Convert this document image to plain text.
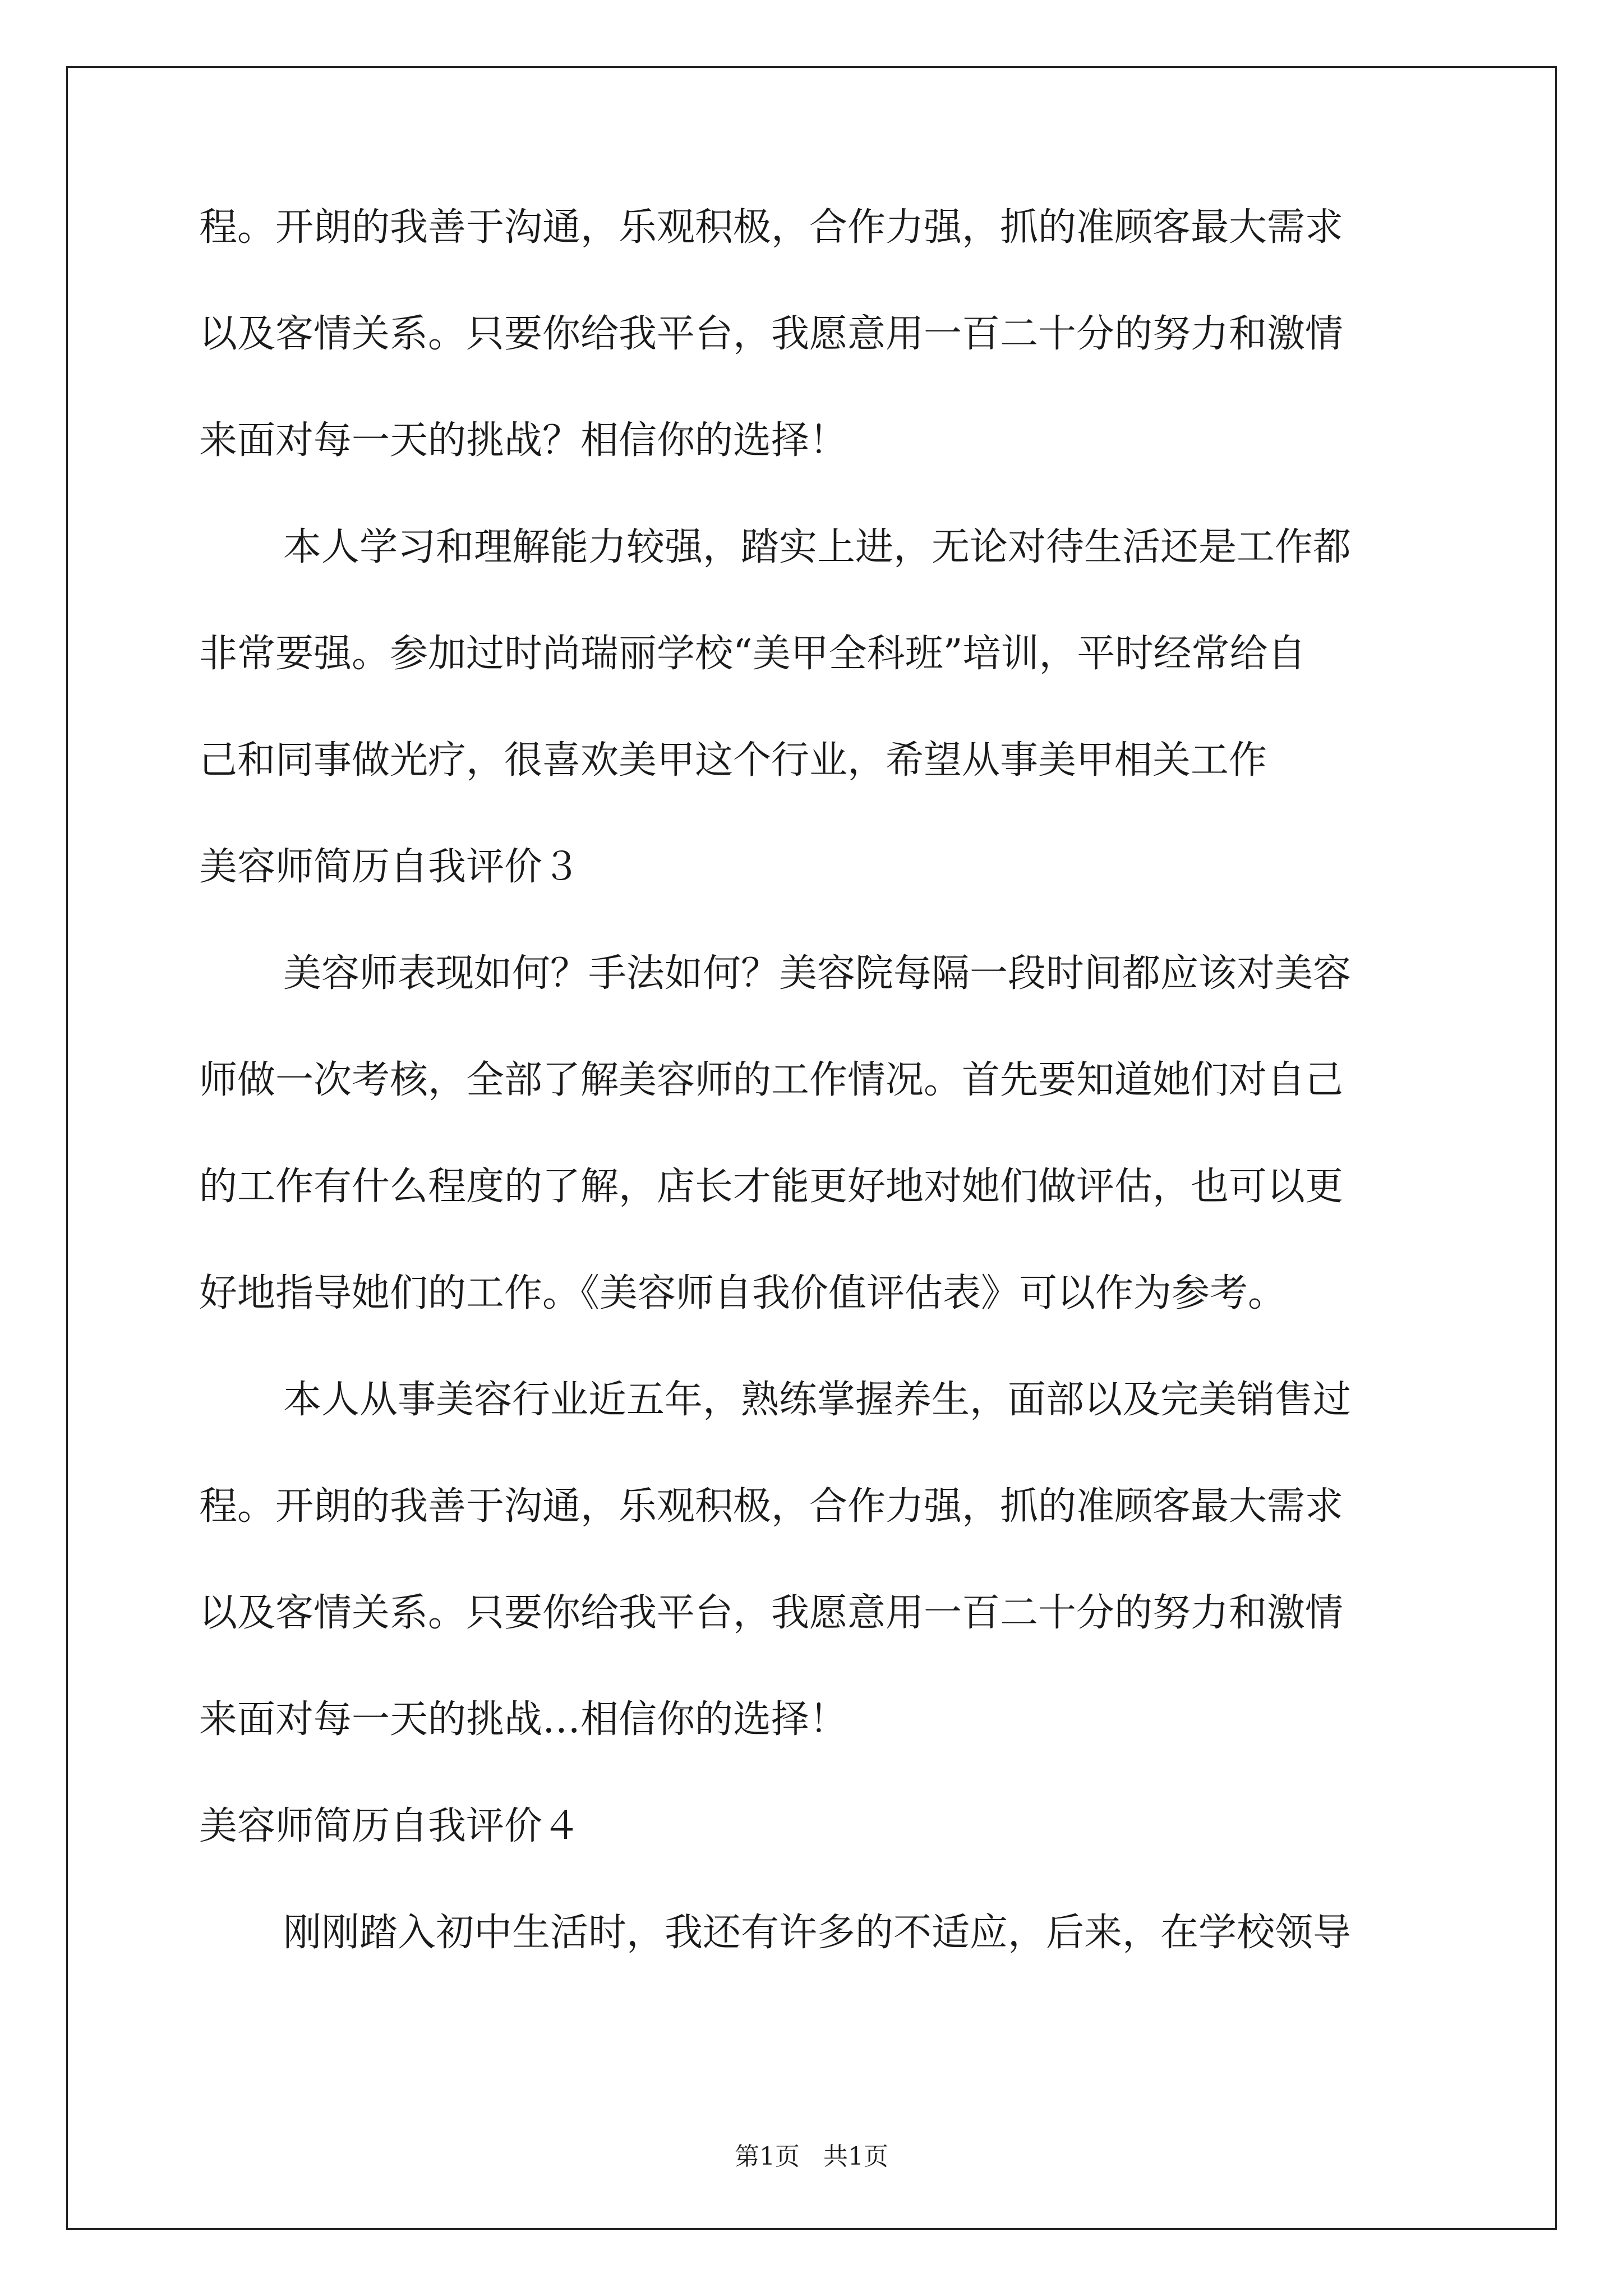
程。开朗的我善于沟通，乐观积极，合作力强，抓的准顾客最大需求
以及客情关系。只要你给我平台，我愿意用一百二十分的努力和激情
来面对每一天的挑战？相信你的选择！
本人学习和理解能力较强，踏实上进，无论对待生活还是工作都
非常要强。参加过时尚瑞丽学校“美甲全科班”培训，平时经常给自
己和同事做光疗，很喜欢美甲这个行业，希望从事美甲相关工作
美容师简历自我评价３
美容师表现如何？手法如何？美容院每隔一段时间都应该对美容
师做一次考核，全部了解美容师的工作情况。首先要知道她们对自己
的工作有什么程度的了解，店长才能更好地对她们做评估，也可以更
好地指导她们的工作。《美容师自我价值评估表》可以作为参考。
本人从事美容行业近五年，熟练掌握养生，面部以及完美销售过
程。开朗的我善于沟通，乐观积极，合作力强，抓的准顾客最大需求
以及客情关系。只要你给我平台，我愿意用一百二十分的努力和激情
来面对每一天的挑战…相信你的选择！
美容师简历自我评价４
刚刚踏入初中生活时，我还有许多的不适应，后来，在学校领导
第1页   共1页
